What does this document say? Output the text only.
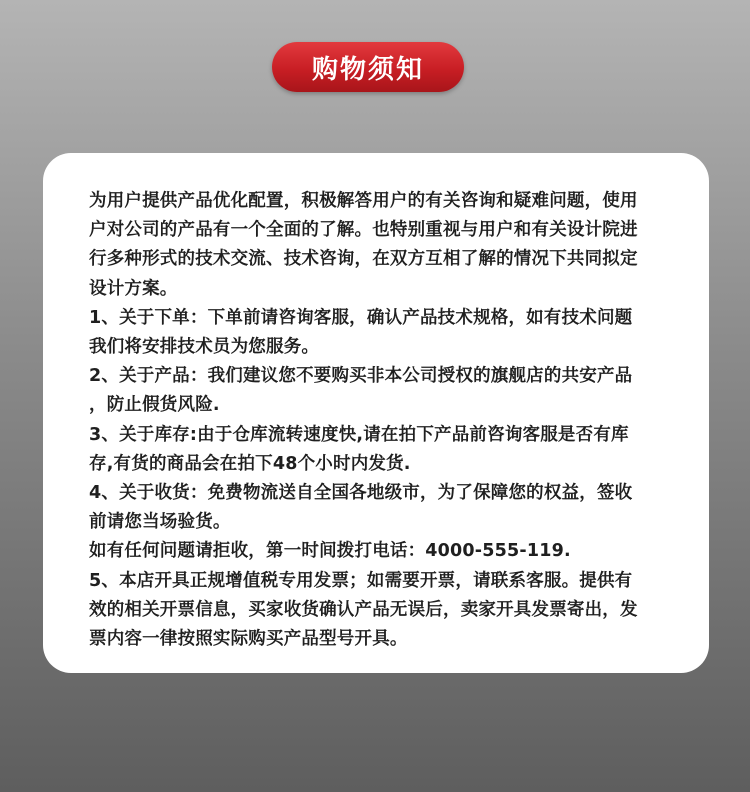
购物须知

为用户提供产品优化配置，积极解答用户的有关咨询和疑难问题，使用

户对公司的产品有一个全面的了解。也特别重视与用户和有关设计院进

行多种形式的技术交流、技术咨询，在双方互相了解的情况下共同拟定

设计方案。

1、关于下单：下单前请咨询客服，确认产品技术规格，如有技术问题

我们将安排技术员为您服务。

2、关于产品：我们建议您不要购买非本公司授权的旗舰店的共安产品

，防止假货风险.

3、关于库存:由于仓库流转速度快,请在拍下产品前咨询客服是否有库

存,有货的商品会在拍下48个小时内发货.

4、关于收货：免费物流送自全国各地级市，为了保障您的权益，签收

前请您当场验货。

如有任何问题请拒收，第一时间拨打电话：4000-555-119.

5、本店开具正规增值税专用发票；如需要开票，请联系客服。提供有

效的相关开票信息，买家收货确认产品无误后，卖家开具发票寄出，发

票内容一律按照实际购买产品型号开具。
